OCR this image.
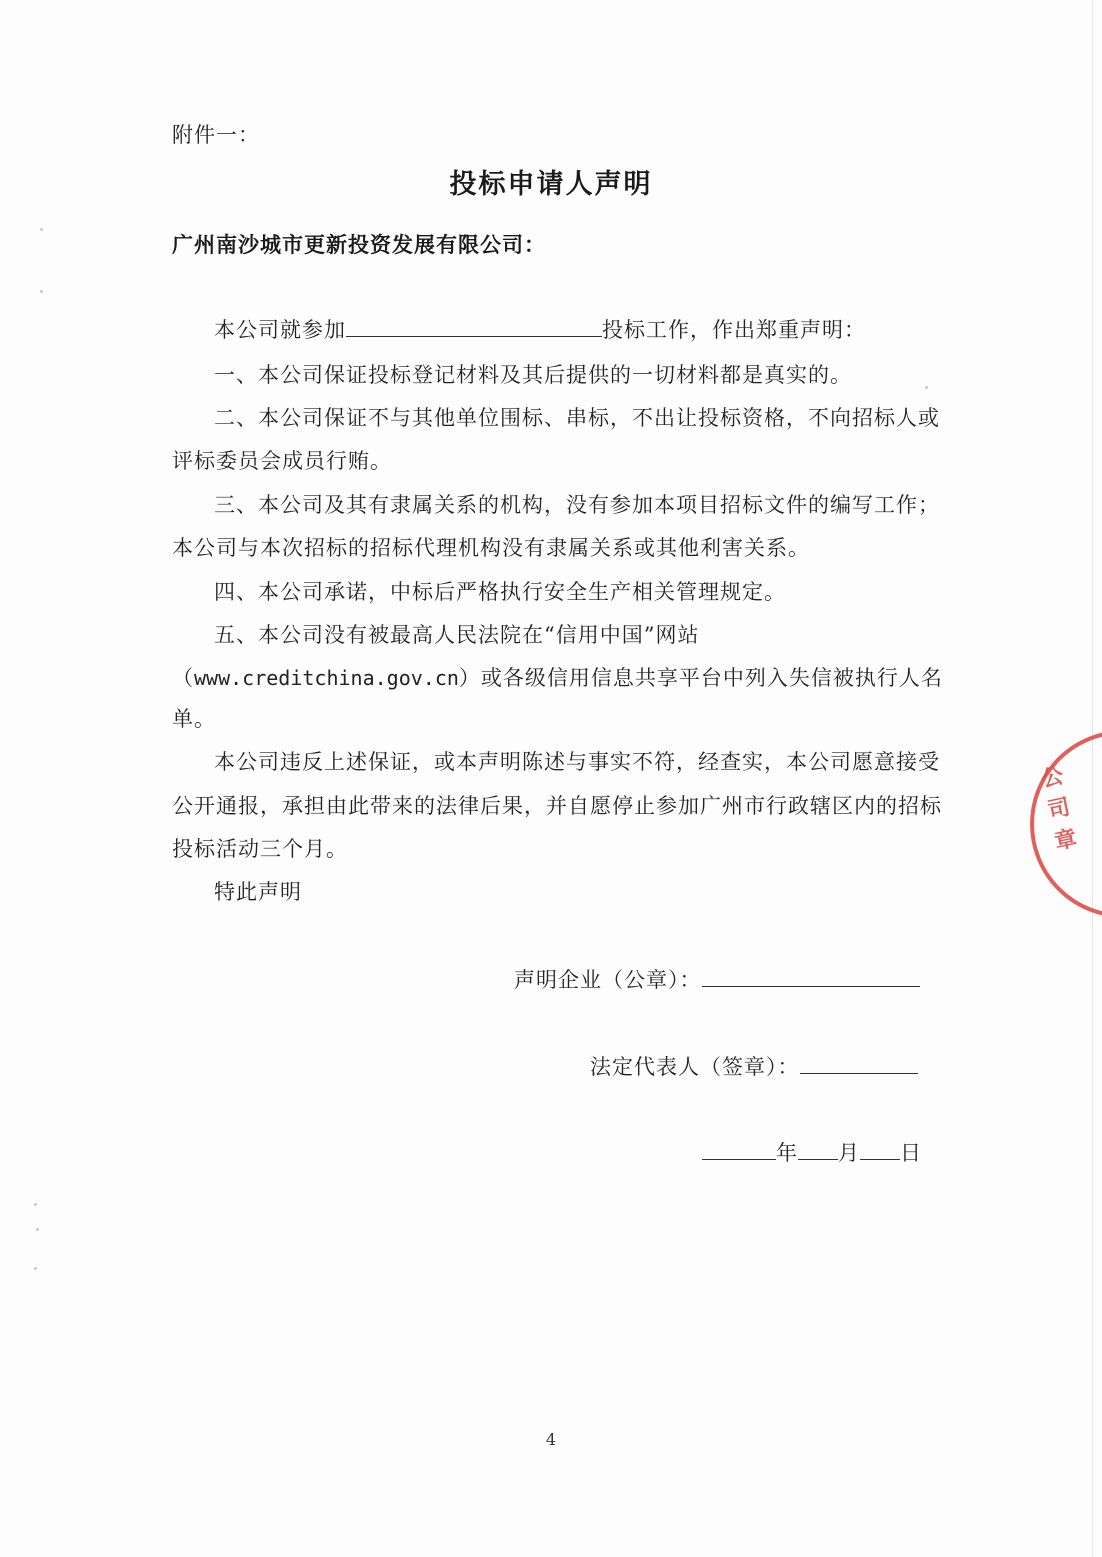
附件一：
投标申请人声明
广州南沙城市更新投资发展有限公司：
本公司就参加	投标工作，作出郑重声明：
一、本公司保证投标登记材料及其后提供的一切材料都是真实的。
二、本公司保证不与其他单位围标、串标，不出让投标资格，不向招标人或
评标委员会成员行贿。
三、本公司及其有隶属关系的机构，没有参加本项目招标文件的编写工作；
本公司与本次招标的招标代理机构没有隶属关系或其他利害关系。
四、本公司承诺，中标后严格执行安全生产相关管理规定。
五、本公司没有被最高人民法院在“信用中国”网站
（www.creditchina.gov.cn）或各级信用信息共享平台中列入失信被执行人名
单。
本公司违反上述保证，或本声明陈述与事实不符，经查实，本公司愿意接受
公开通报，承担由此带来的法律后果，并自愿停止参加广州市行政辖区内的招标
投标活动三个月。
特此声明
声明企业（公章）：
法定代表人（签章）：
年 月 日
公司章
4
